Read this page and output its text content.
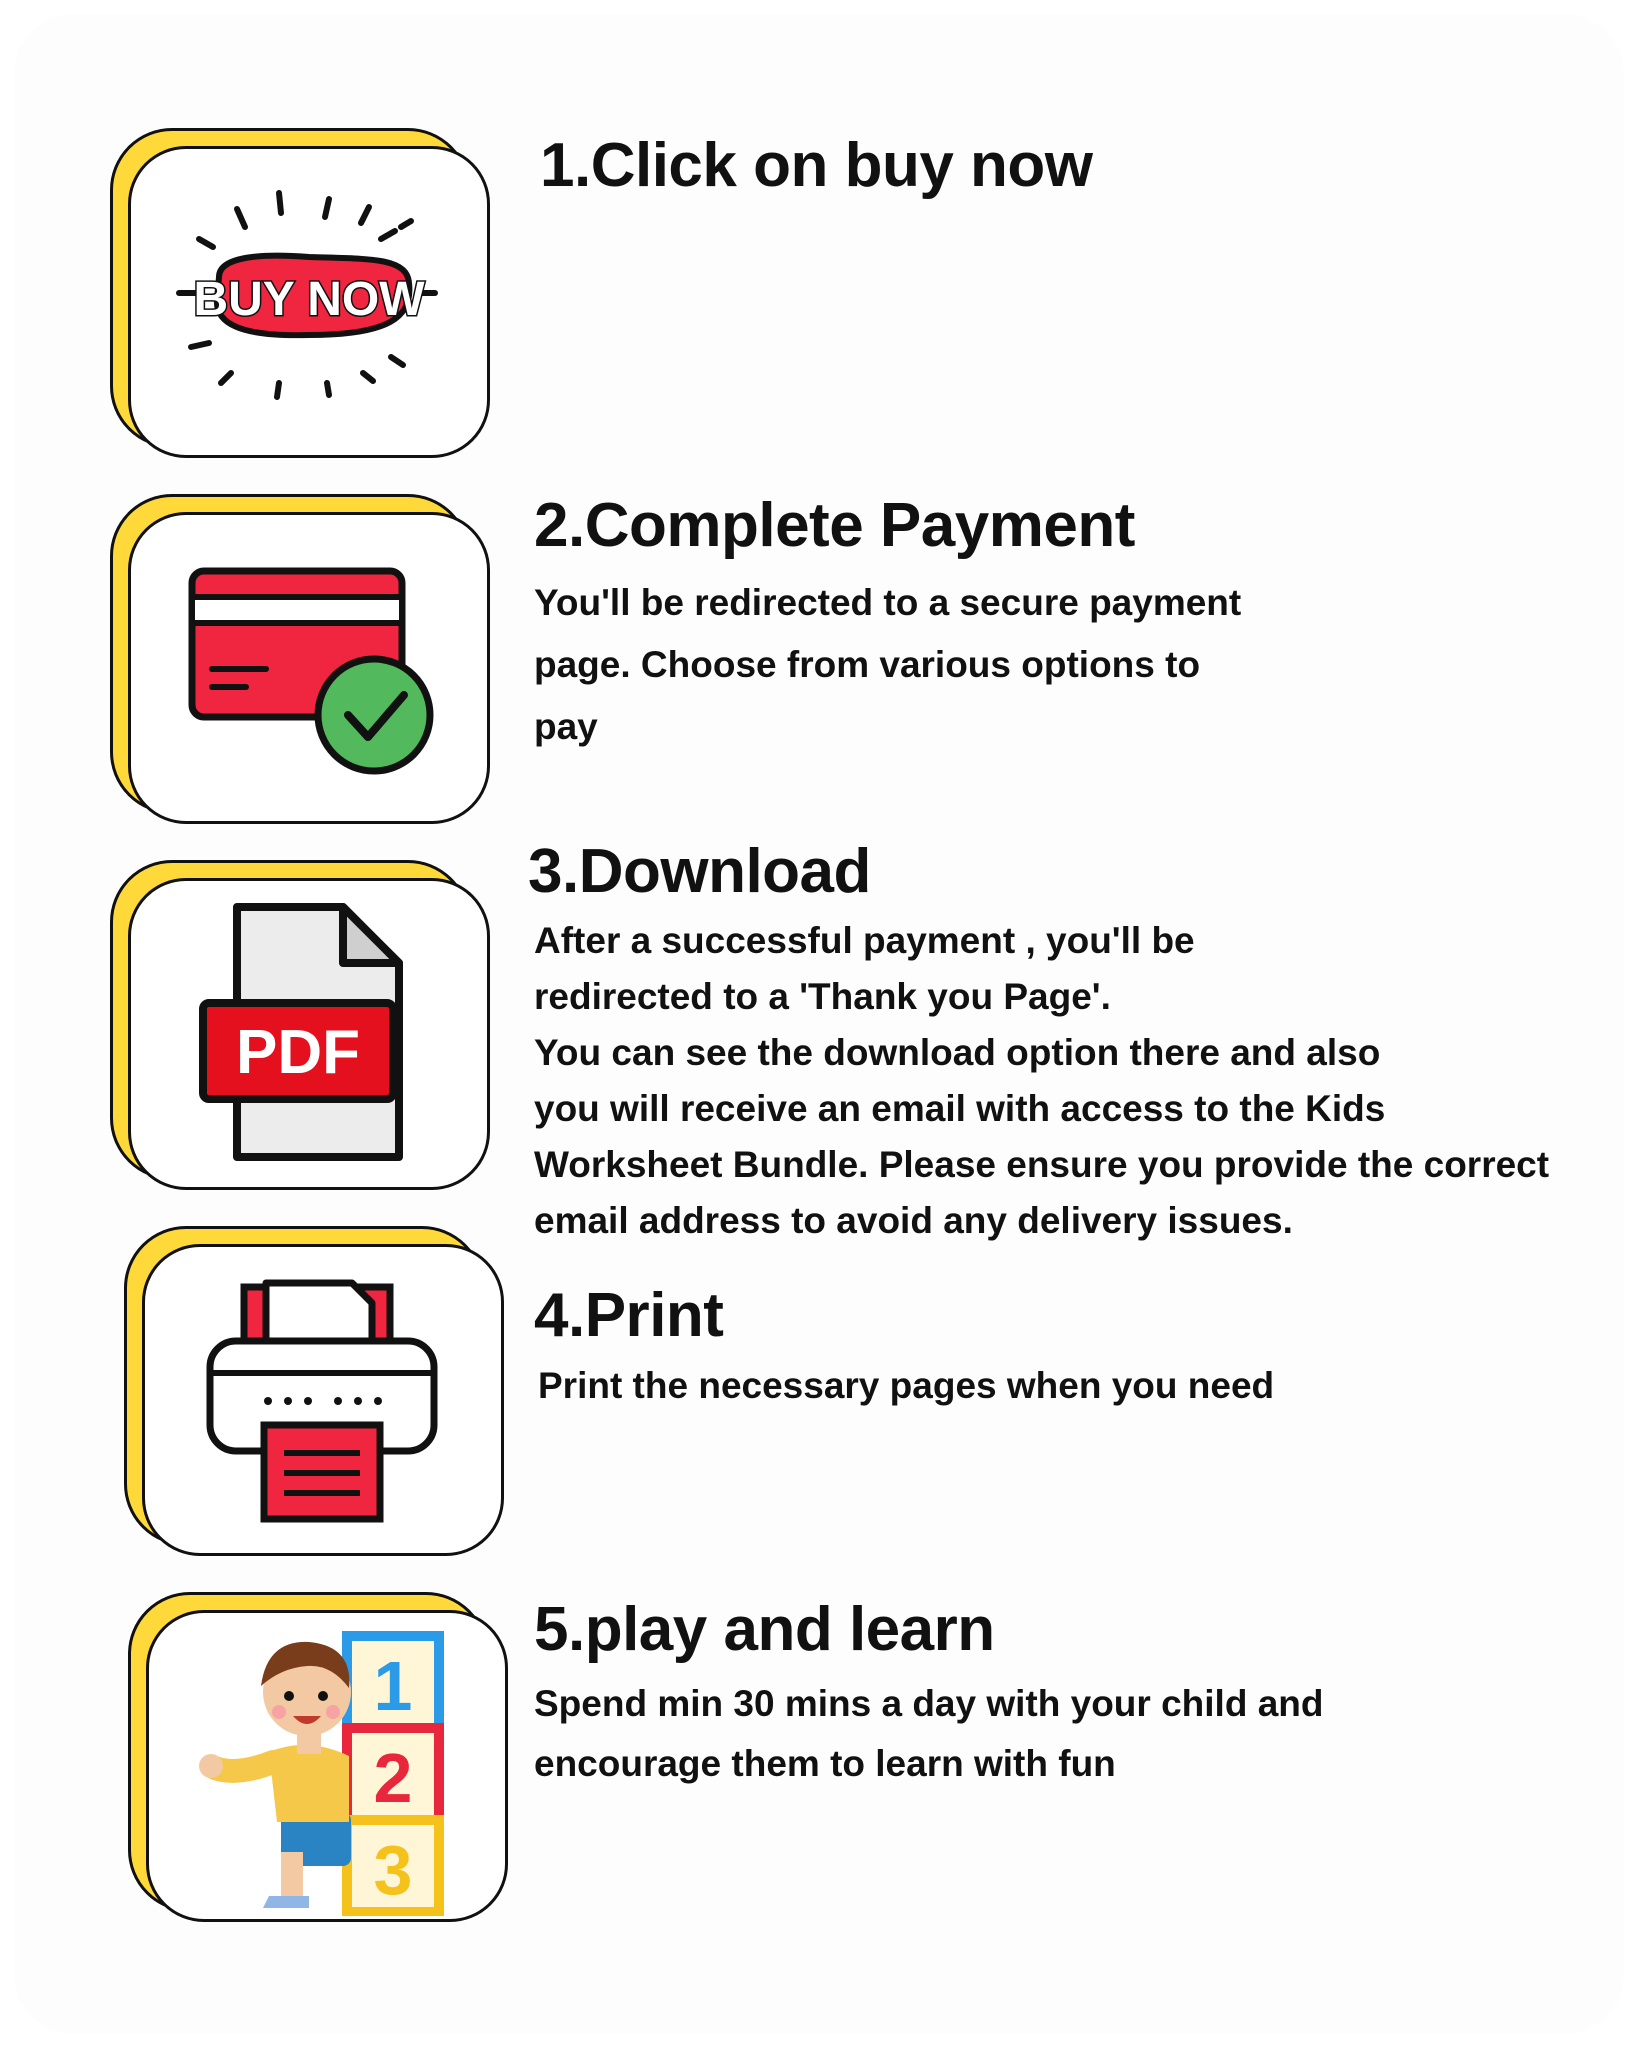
BUY NOW
1.Click on buy now
2.Complete Payment

You'll be redirected to a secure payment
page. Choose from various options to
pay

PDF
3.Download

After a successful payment , you'll be
redirected to a 'Thank you Page'.
You can see the download option there and also
you will receive an email with access to the Kids
Worksheet Bundle. Please ensure you provide the correct
email address to avoid any delivery issues.

4.Print

Print the necessary pages when you need

1
2
3
5.play and learn

Spend min 30 mins a day with your child and
encourage them to learn with fun
